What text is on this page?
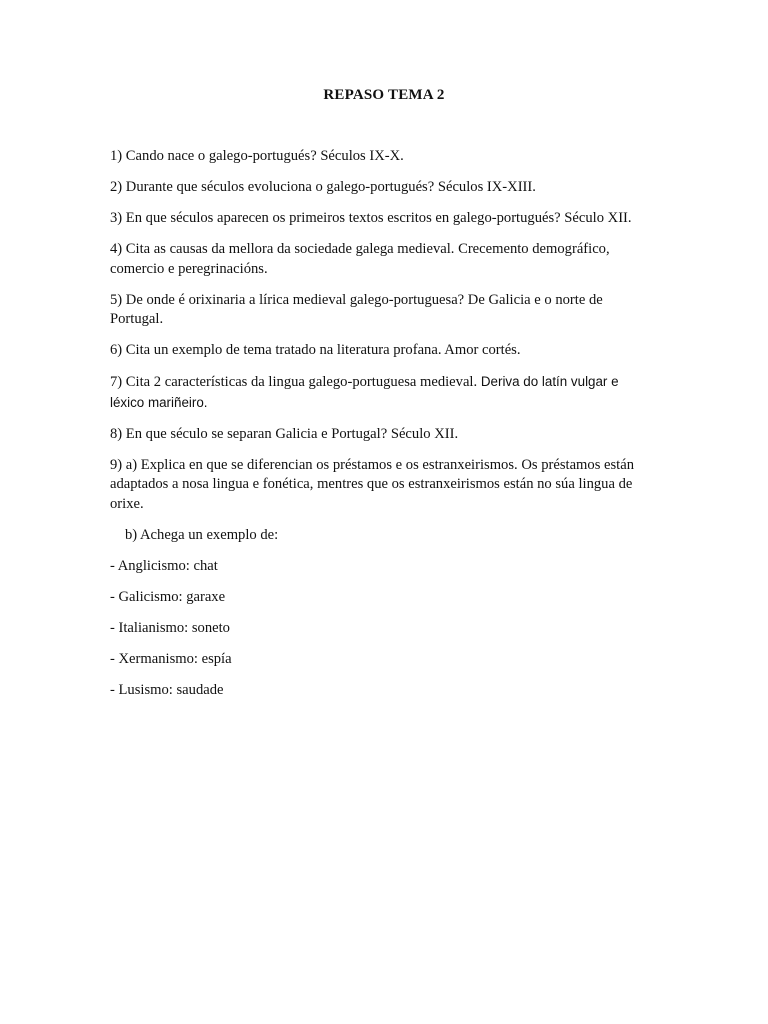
REPASO TEMA 2

1) Cando nace o galego-portugués? Séculos IX-X.

2) Durante que séculos evoluciona o galego-portugués? Séculos IX-XIII.

3) En que séculos aparecen os primeiros textos escritos en galego-portugués? Século XII.

4) Cita as causas da mellora da sociedade galega medieval. Crecemento demográfico, comercio e peregrinacións.

5) De onde é orixinaria a lírica medieval galego-portuguesa? De Galicia e o norte de Portugal.

6) Cita un exemplo de tema tratado na literatura profana. Amor cortés.

7) Cita 2 características da lingua galego-portuguesa medieval. Deriva do latín vulgar e léxico mariñeiro.

8) En que século se separan Galicia e Portugal? Século XII.

9) a) Explica en que se diferencian os préstamos e os estranxeirismos. Os préstamos están adaptados a nosa lingua e fonética, mentres que os estranxeirismos están no súa lingua de orixe.

b) Achega un exemplo de:

- Anglicismo: chat

- Galicismo: garaxe

- Italianismo: soneto

- Xermanismo: espía

- Lusismo: saudade
